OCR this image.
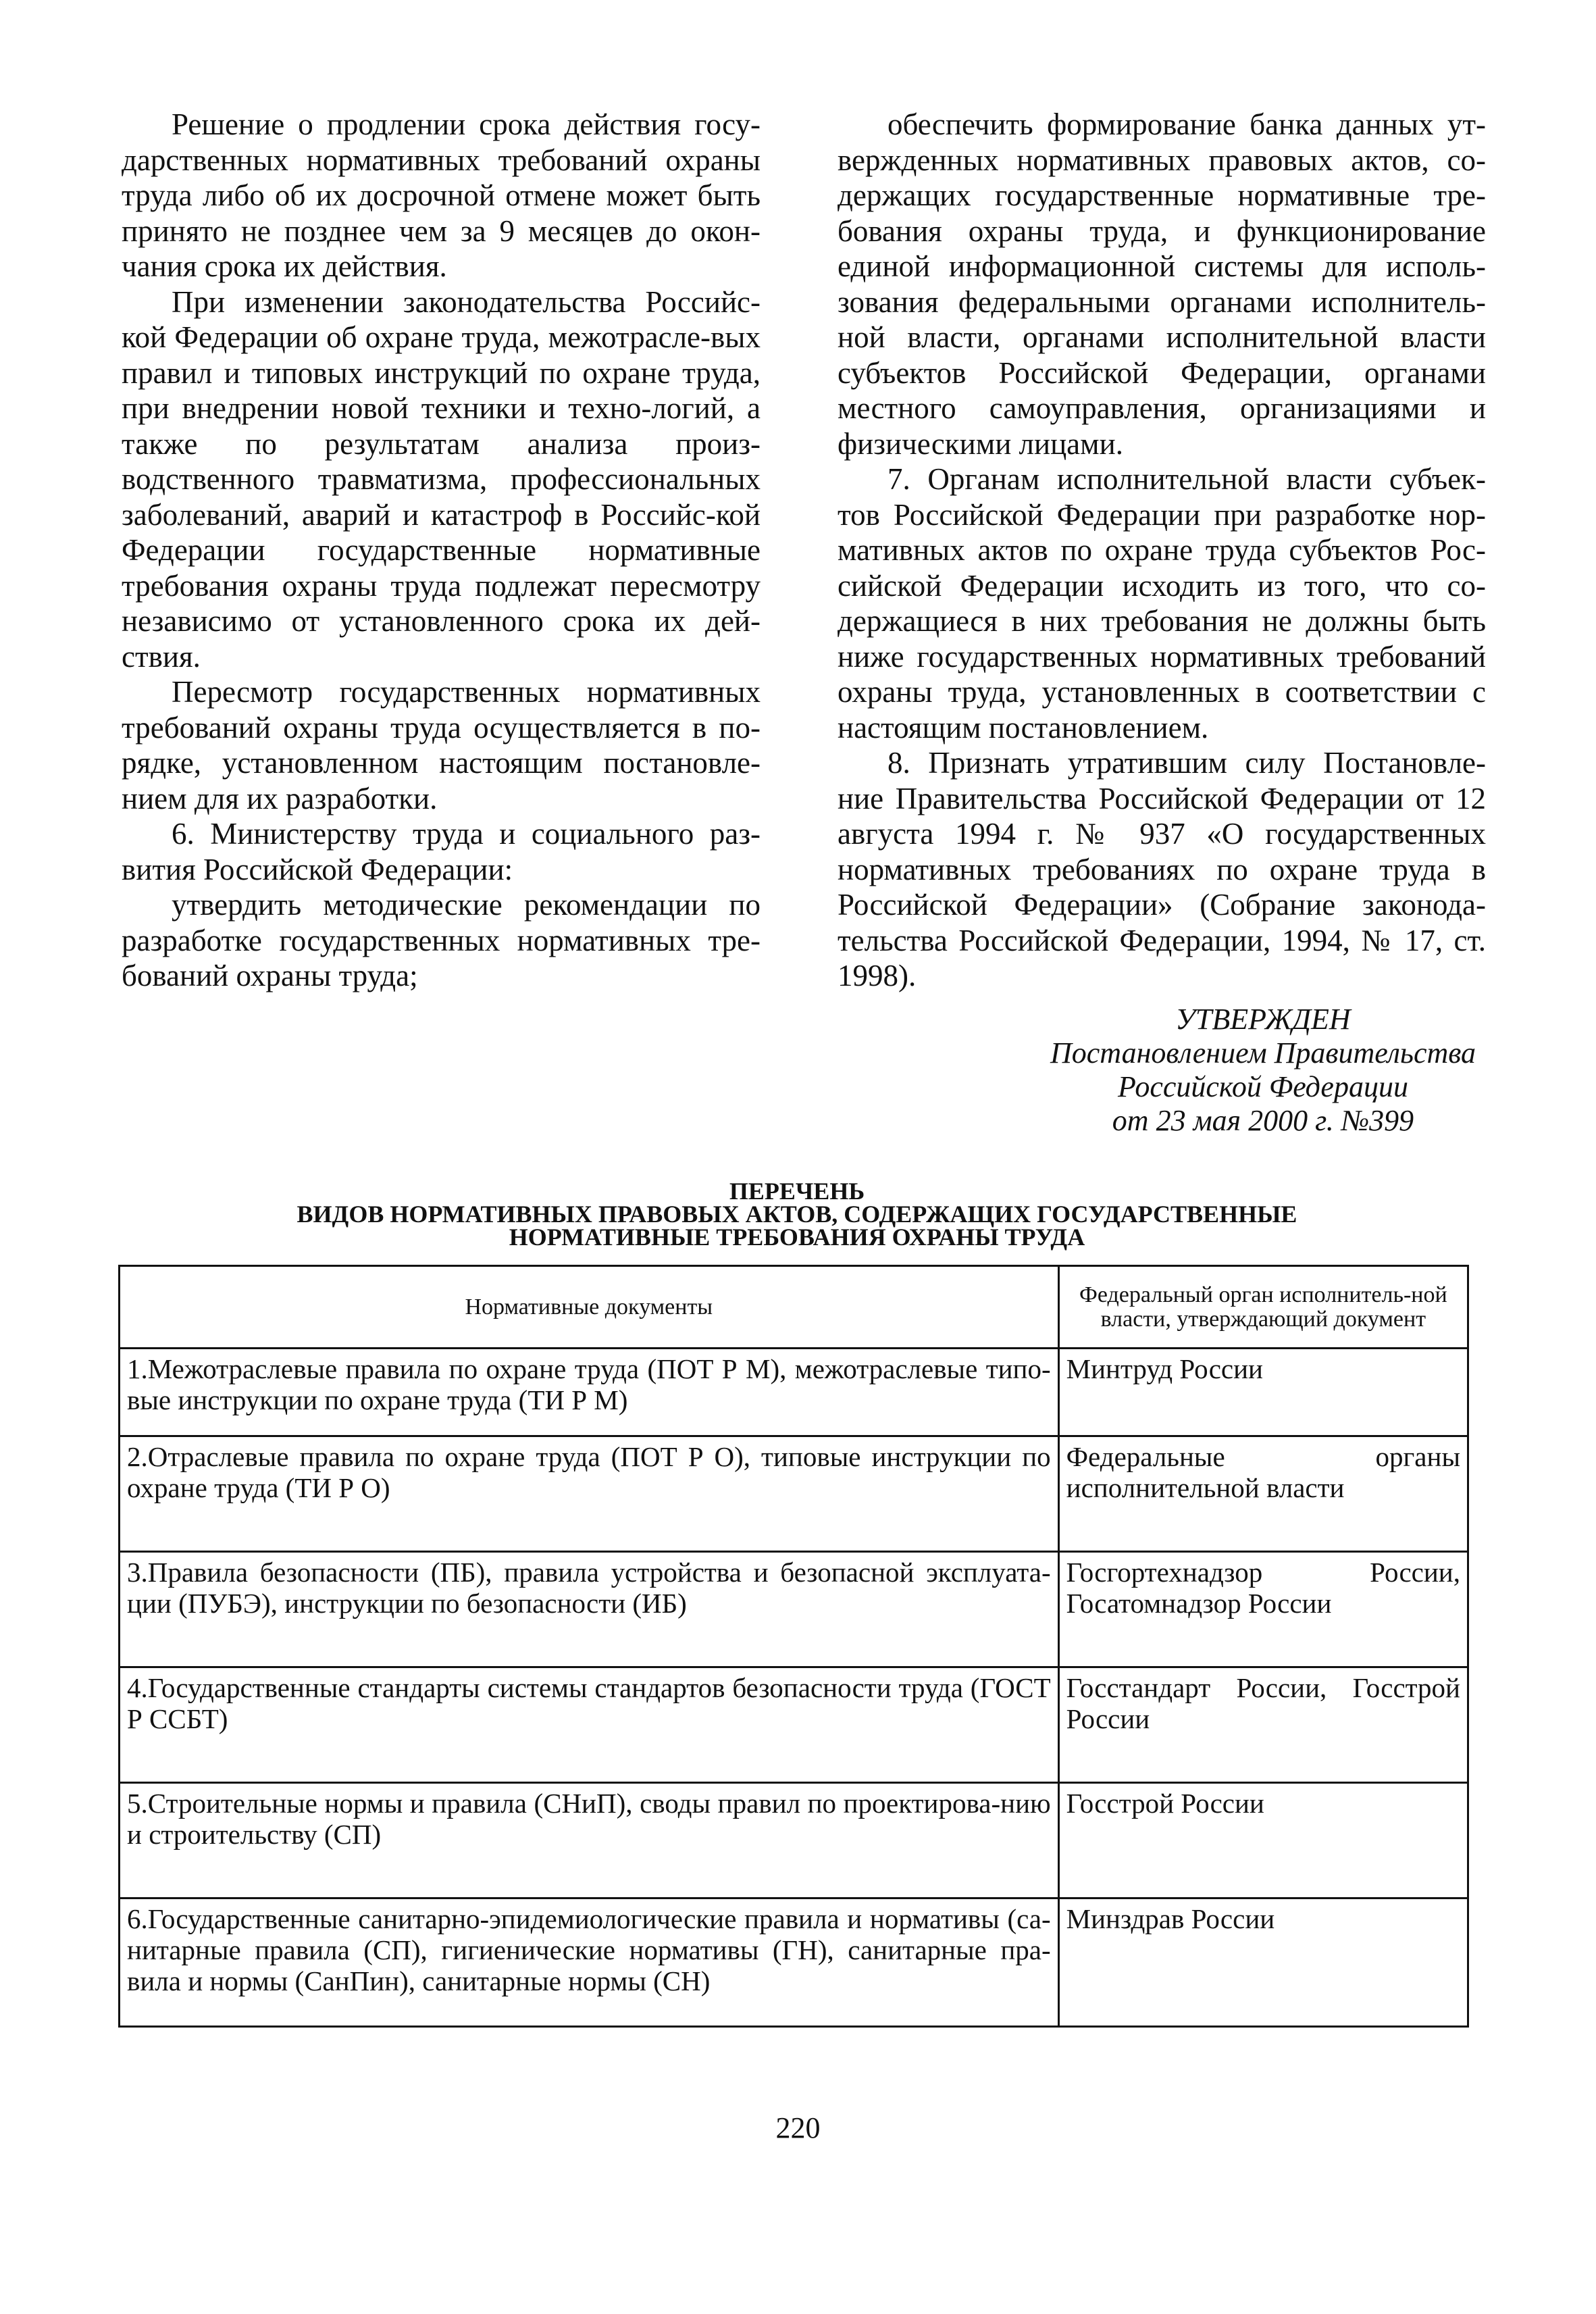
Решение о продлении срока действия госу-дарственных нормативных требований охраны труда либо об их досрочной отмене может быть принято не позднее чем за 9 месяцев до окон-чания срока их действия.

При изменении законодательства Российс-кой Федерации об охране труда, межотрасле-вых правил и типовых инструкций по охране труда, при внедрении новой техники и техно-логий, а также по результатам анализа произ-водственного травматизма, профессиональных заболеваний, аварий и катастроф в Российс-кой Федерации государственные нормативные требования охраны труда подлежат пересмотру независимо от установленного срока их дей-ствия.

Пересмотр государственных нормативных требований охраны труда осуществляется в по-рядке, установленном настоящим постановле-нием для их разработки.

6. Министерству труда и социального раз-вития Российской Федерации:

утвердить методические рекомендации по разработке государственных нормативных тре-бований охраны труда;

обеспечить формирование банка данных ут-вержденных нормативных правовых актов, со-держащих государственные нормативные тре-бования охраны труда, и функционирование единой информационной системы для исполь-зования федеральными органами исполнитель-ной власти, органами исполнительной власти субъектов Российской Федерации, органами местного самоуправления, организациями и физическими лицами.

7. Органам исполнительной власти субъек-тов Российской Федерации при разработке нор-мативных актов по охране труда субъектов Рос-сийской Федерации исходить из того, что со-держащиеся в них требования не должны быть ниже государственных нормативных требований охраны труда, установленных в соответствии с настоящим постановлением.

8. Признать утратившим силу Постановле-ние Правительства Российской Федерации от 12 августа 1994 г. № 937 «О государственных нормативных требованиях по охране труда в Российской Федерации» (Собрание законода-тельства Российской Федерации, 1994, № 17, ст. 1998).

УТВЕРЖДЕН
Постановлением Правительства
Российской Федерации
от 23 мая 2000 г. №399
ПЕРЕЧЕНЬ
ВИДОВ НОРМАТИВНЫХ ПРАВОВЫХ АКТОВ, СОДЕРЖАЩИХ ГОСУДАРСТВЕННЫЕ
НОРМАТИВНЫЕ ТРЕБОВАНИЯ ОХРАНЫ ТРУДА
Нормативные документы	Федеральный орган исполнитель-ной власти, утверждающий документ
1.Межотраслевые правила по охране труда (ПОТ Р М), межотраслевые типо-вые инструкции по охране труда (ТИ Р М)	Минтруд России
2.Отраслевые правила по охране труда (ПОТ Р О), типовые инструкции по охране труда (ТИ Р О)	Федеральные органы исполнительной власти
3.Правила безопасности (ПБ), правила устройства и безопасной эксплуата-ции (ПУБЭ), инструкции по безопасности (ИБ)	Госгортехнадзор России, Госатомнадзор России
4.Государственные стандарты системы стандартов безопасности труда (ГОСТ Р ССБТ)	Госстандарт России, Госстрой России
5.Строительные нормы и правила (СНиП), своды правил по проектирова-нию и строительству (СП)	Госстрой России
6.Государственные санитарно-эпидемиологические правила и нормативы (са-нитарные правила (СП), гигиенические нормативы (ГН), санитарные пра-вила и нормы (СанПин), санитарные нормы (СН)	Минздрав России
220
